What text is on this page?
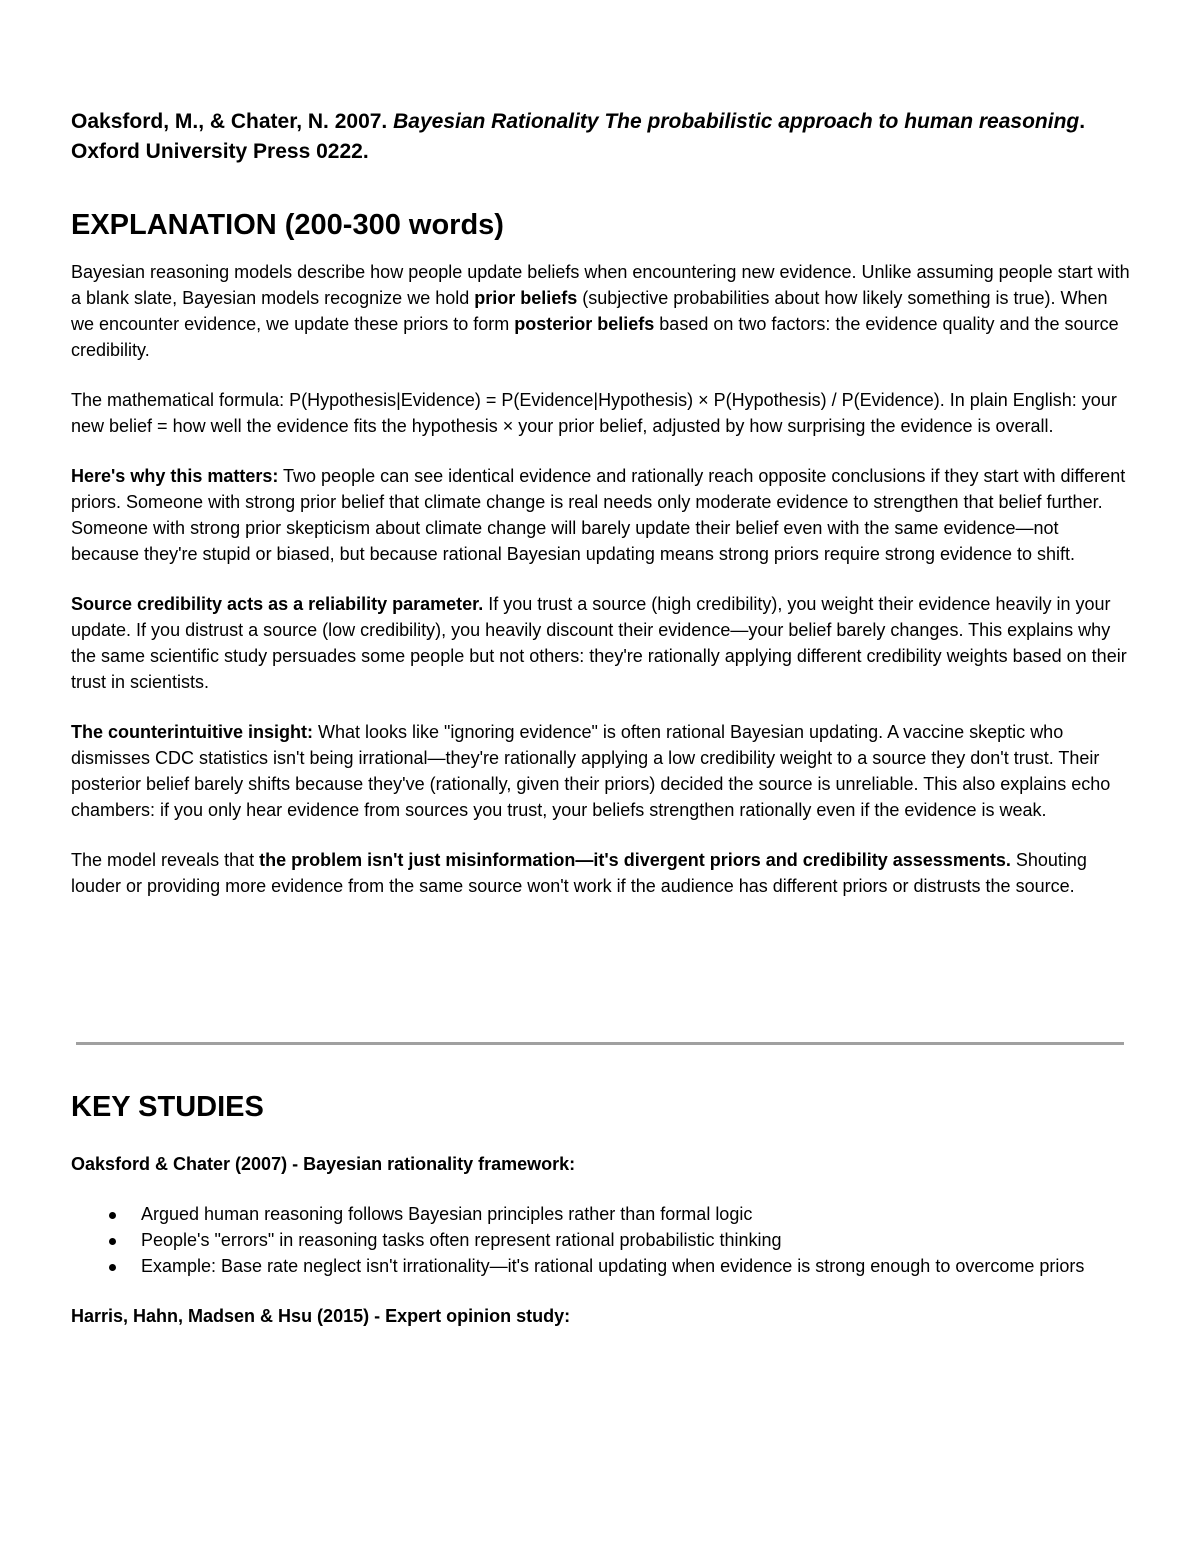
Oaksford, M., & Chater, N. 2007. Bayesian Rationality The probabilistic approach to human reasoning. Oxford University Press 0222.

EXPLANATION (200-300 words)

Bayesian reasoning models describe how people update beliefs when encountering new evidence. Unlike assuming people start with a blank slate, Bayesian models recognize we hold prior beliefs (subjective probabilities about how likely something is true). When we encounter evidence, we update these priors to form posterior beliefs based on two factors: the evidence quality and the source credibility.

The mathematical formula: P(Hypothesis|Evidence) = P(Evidence|Hypothesis) × P(Hypothesis) / P(Evidence). In plain English: your new belief = how well the evidence fits the hypothesis × your prior belief, adjusted by how surprising the evidence is overall.

Here's why this matters: Two people can see identical evidence and rationally reach opposite conclusions if they start with different priors. Someone with strong prior belief that climate change is real needs only moderate evidence to strengthen that belief further. Someone with strong prior skepticism about climate change will barely update their belief even with the same evidence—not because they're stupid or biased, but because rational Bayesian updating means strong priors require strong evidence to shift.

Source credibility acts as a reliability parameter. If you trust a source (high credibility), you weight their evidence heavily in your update. If you distrust a source (low credibility), you heavily discount their evidence—your belief barely changes. This explains why the same scientific study persuades some people but not others: they're rationally applying different credibility weights based on their trust in scientists.

The counterintuitive insight: What looks like "ignoring evidence" is often rational Bayesian updating. A vaccine skeptic who dismisses CDC statistics isn't being irrational—they're rationally applying a low credibility weight to a source they don't trust. Their posterior belief barely shifts because they've (rationally, given their priors) decided the source is unreliable. This also explains echo chambers: if you only hear evidence from sources you trust, your beliefs strengthen rationally even if the evidence is weak.

The model reveals that the problem isn't just misinformation—it's divergent priors and credibility assessments. Shouting louder or providing more evidence from the same source won't work if the audience has different priors or distrusts the source.

KEY STUDIES

Oaksford & Chater (2007) - Bayesian rationality framework:

Argued human reasoning follows Bayesian principles rather than formal logic
People's "errors" in reasoning tasks often represent rational probabilistic thinking
Example: Base rate neglect isn't irrationality—it's rational updating when evidence is strong enough to overcome priors

Harris, Hahn, Madsen & Hsu (2015) - Expert opinion study:
